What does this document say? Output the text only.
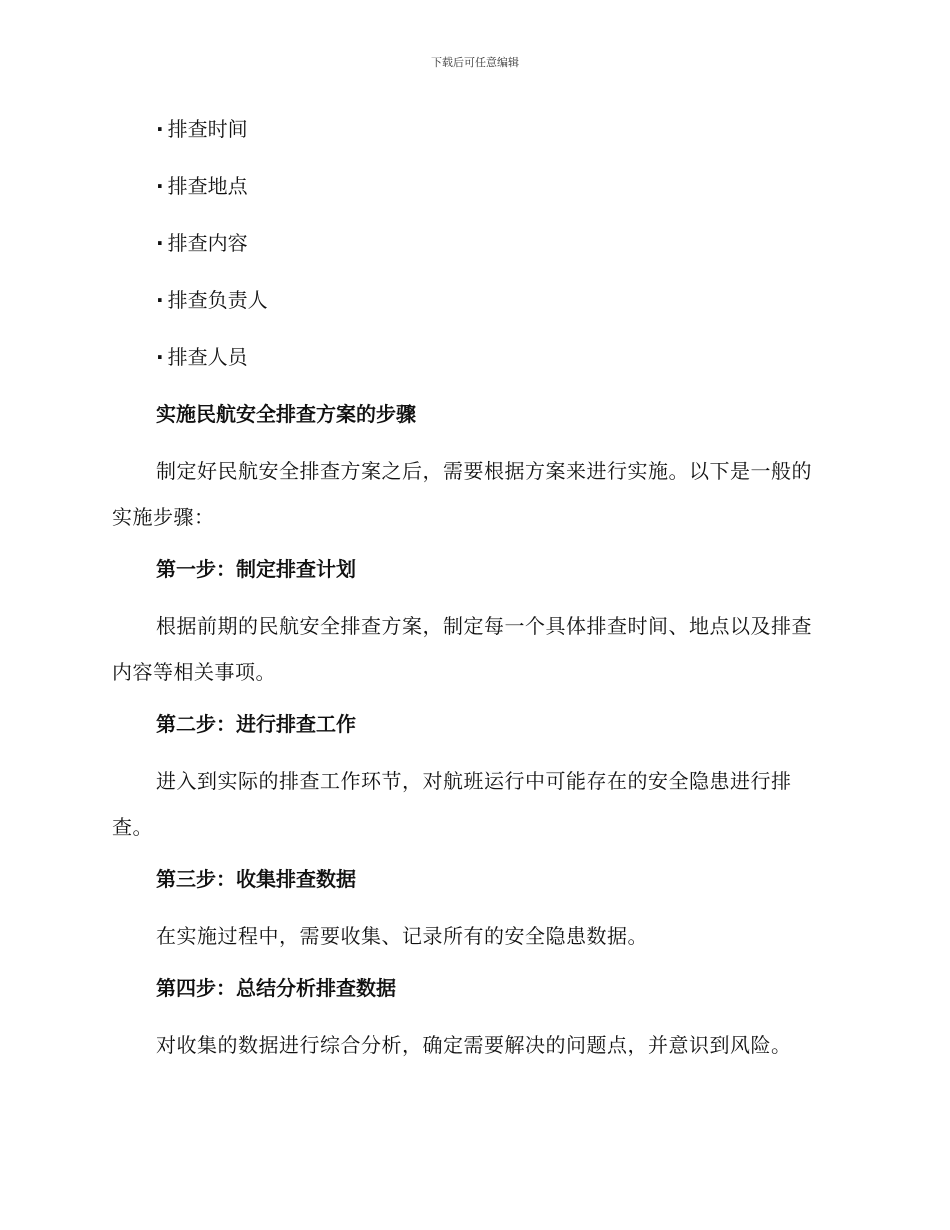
下载后可任意编辑
· 排查时间
· 排查地点
· 排查内容
· 排查负责人
· 排查人员
实施民航安全排查方案的步骤
制定好民航安全排查方案之后，需要根据方案来进行实施。以下是一般的实施步骤：
第一步：制定排查计划
根据前期的民航安全排查方案，制定每一个具体排查时间、地点以及排查内容等相关事项。
第二步：进行排查工作
进入到实际的排查工作环节，对航班运行中可能存在的安全隐患进行排查。
第三步：收集排查数据
在实施过程中，需要收集、记录所有的安全隐患数据。
第四步：总结分析排查数据
对收集的数据进行综合分析，确定需要解决的问题点，并意识到风险。
